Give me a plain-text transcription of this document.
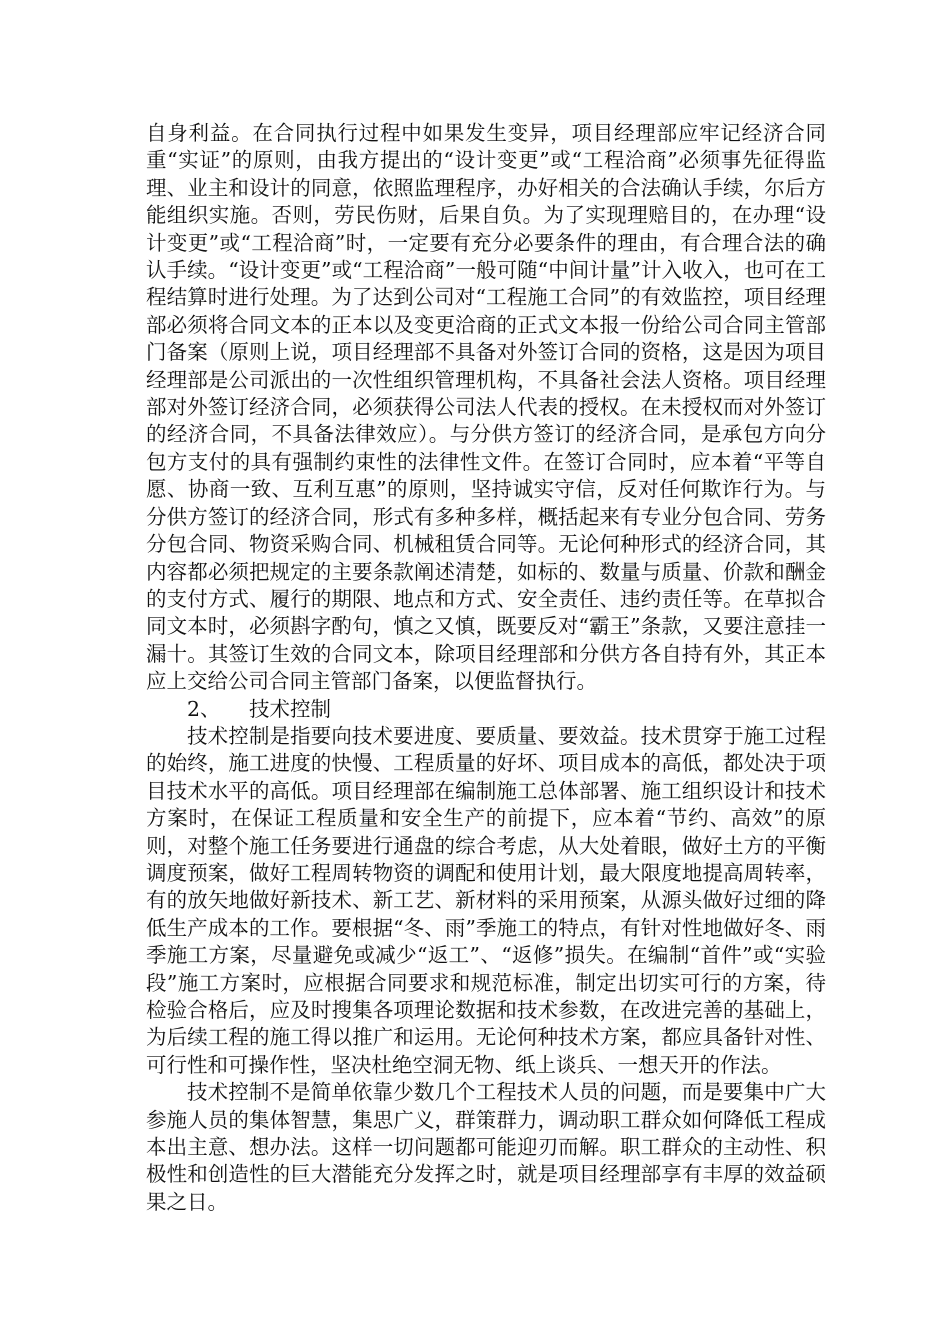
自身利益。在合同执行过程中如果发生变异，项目经理部应牢记经济合同重“实证”的原则，由我方提出的“设计变更”或“工程洽商”必须事先征得监理、业主和设计的同意，依照监理程序，办好相关的合法确认手续，尔后方能组织实施。否则，劳民伤财，后果自负。为了实现理赔目的，在办理“设计变更”或“工程洽商”时，一定要有充分必要条件的理由，有合理合法的确认手续。“设计变更”或“工程洽商”一般可随“中间计量”计入收入，也可在工程结算时进行处理。为了达到公司对“工程施工合同”的有效监控，项目经理部必须将合同文本的正本以及变更洽商的正式文本报一份给公司合同主管部门备案（原则上说，项目经理部不具备对外签订合同的资格，这是因为项目经理部是公司派出的一次性组织管理机构，不具备社会法人资格。项目经理部对外签订经济合同，必须获得公司法人代表的授权。在未授权而对外签订的经济合同，不具备法律效应）。与分供方签订的经济合同，是承包方向分包方支付的具有强制约束性的法律性文件。在签订合同时，应本着“平等自愿、协商一致、互利互惠”的原则，坚持诚实守信，反对任何欺诈行为。与分供方签订的经济合同，形式有多种多样，概括起来有专业分包合同、劳务分包合同、物资采购合同、机械租赁合同等。无论何种形式的经济合同，其内容都必须把规定的主要条款阐述清楚，如标的、数量与质量、价款和酬金的支付方式、履行的期限、地点和方式、安全责任、违约责任等。在草拟合同文本时，必须斟字酌句，慎之又慎，既要反对“霸王”条款，又要注意挂一漏十。其签订生效的合同文本，除项目经理部和分供方各自持有外，其正本应上交给公司合同主管部门备案，以便监督执行。

2、 技术控制

技术控制是指要向技术要进度、要质量、要效益。技术贯穿于施工过程的始终，施工进度的快慢、工程质量的好坏、项目成本的高低，都处决于项目技术水平的高低。项目经理部在编制施工总体部署、施工组织设计和技术方案时，在保证工程质量和安全生产的前提下，应本着“节约、高效”的原则，对整个施工任务要进行通盘的综合考虑，从大处着眼，做好土方的平衡调度预案，做好工程周转物资的调配和使用计划，最大限度地提高周转率，有的放矢地做好新技术、新工艺、新材料的采用预案，从源头做好过细的降低生产成本的工作。要根据“冬、雨”季施工的特点，有针对性地做好冬、雨季施工方案，尽量避免或减少“返工”、“返修”损失。在编制“首件”或“实验段”施工方案时，应根据合同要求和规范标准，制定出切实可行的方案，待检验合格后，应及时搜集各项理论数据和技术参数，在改进完善的基础上，为后续工程的施工得以推广和运用。无论何种技术方案，都应具备针对性、可行性和可操作性，坚决杜绝空洞无物、纸上谈兵、一想天开的作法。

技术控制不是简单依靠少数几个工程技术人员的问题，而是要集中广大参施人员的集体智慧，集思广义，群策群力，调动职工群众如何降低工程成本出主意、想办法。这样一切问题都可能迎刃而解。职工群众的主动性、积极性和创造性的巨大潜能充分发挥之时，就是项目经理部享有丰厚的效益硕果之日。
